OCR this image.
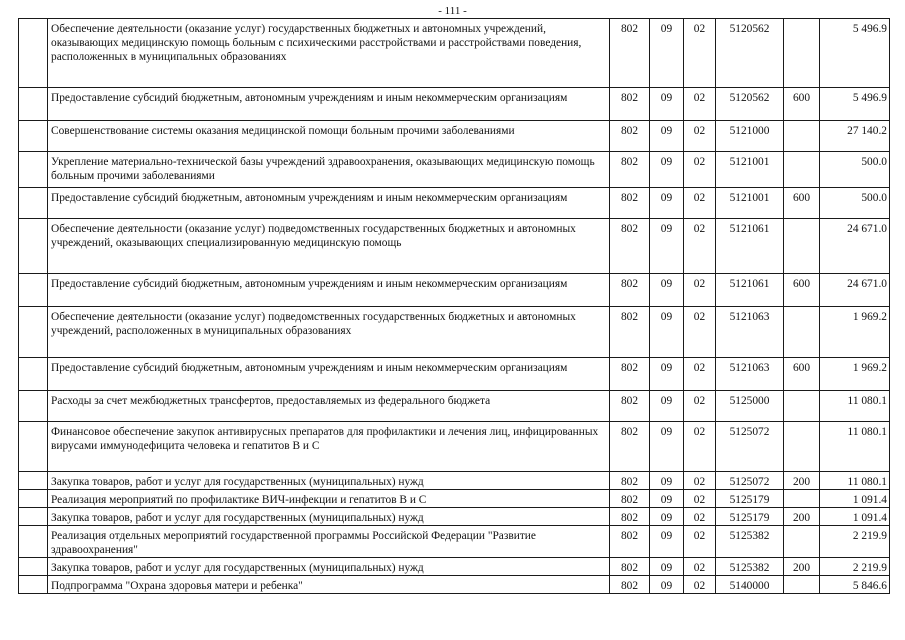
- 111 -
	Обеспечение деятельности (оказание услуг) государственных бюджетных и автономных учреждений, оказывающих медицинскую помощь больным с психическими расстройствами и расстройствами поведения, расположенных в муниципальных образованиях	802	09	02	5120562		5 496.9
	Предоставление субсидий бюджетным, автономным учреждениям и иным некоммерческим организациям	802	09	02	5120562	600	5 496.9
	Совершенствование системы оказания медицинской помощи больным прочими заболеваниями	802	09	02	5121000		27 140.2
	Укрепление материально-технической базы учреждений здравоохранения, оказывающих медицинскую помощь больным прочими заболеваниями	802	09	02	5121001		500.0
	Предоставление субсидий бюджетным, автономным учреждениям и иным некоммерческим организациям	802	09	02	5121001	600	500.0
	Обеспечение деятельности (оказание услуг) подведомственных государственных бюджетных и автономных учреждений, оказывающих специализированную медицинскую помощь	802	09	02	5121061		24 671.0
	Предоставление субсидий бюджетным, автономным учреждениям и иным некоммерческим организациям	802	09	02	5121061	600	24 671.0
	Обеспечение деятельности (оказание услуг) подведомственных государственных бюджетных и автономных учреждений, расположенных в муниципальных образованиях	802	09	02	5121063		1 969.2
	Предоставление субсидий бюджетным, автономным учреждениям и иным некоммерческим организациям	802	09	02	5121063	600	1 969.2
	Расходы за счет межбюджетных трансфертов, предоставляемых из федерального бюджета	802	09	02	5125000		11 080.1
	Финансовое обеспечение закупок антивирусных препаратов для профилактики и лечения лиц, инфицированных вирусами иммунодефицита человека и гепатитов В и С	802	09	02	5125072		11 080.1
	Закупка товаров, работ и услуг для государственных (муниципальных) нужд	802	09	02	5125072	200	11 080.1
	Реализация мероприятий по профилактике ВИЧ-инфекции и гепатитов В и С	802	09	02	5125179		1 091.4
	Закупка товаров, работ и услуг для государственных (муниципальных) нужд	802	09	02	5125179	200	1 091.4
	Реализация отдельных мероприятий государственной программы Российской Федерации "Развитие здравоохранения"	802	09	02	5125382		2 219.9
	Закупка товаров, работ и услуг для государственных (муниципальных) нужд	802	09	02	5125382	200	2 219.9
	Подпрограмма "Охрана здоровья матери и ребенка"	802	09	02	5140000		5 846.6
